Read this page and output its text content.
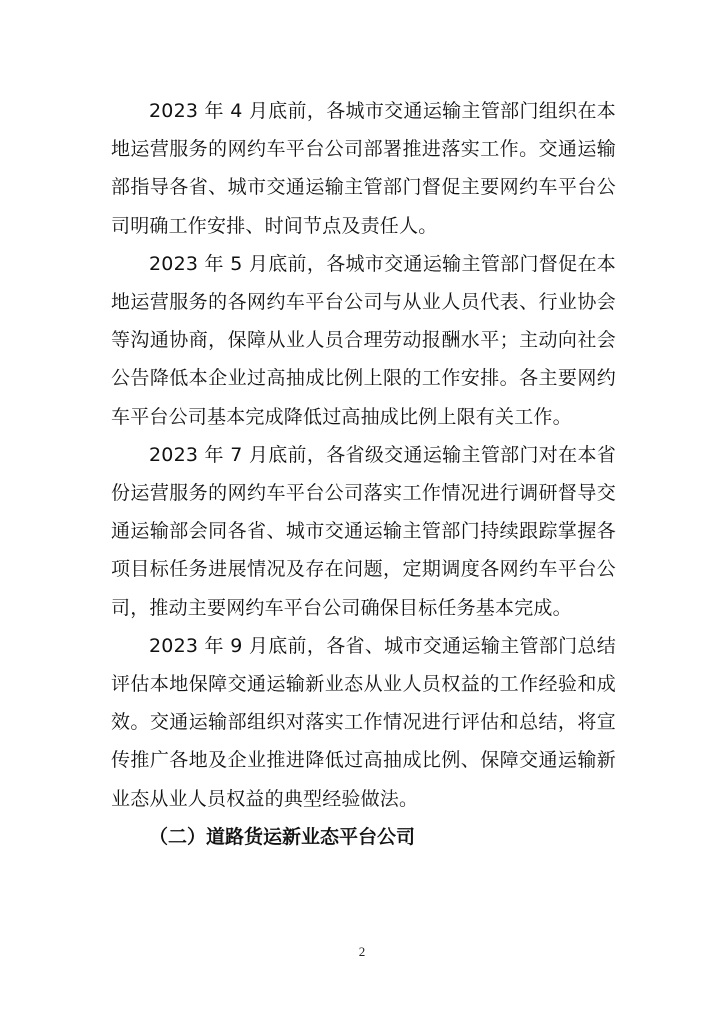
2023 年 4 月底前，各城市交通运输主管部门组织在本地运营服务的网约车平台公司部署推进落实工作。交通运输部指导各省、城市交通运输主管部门督促主要网约车平台公司明确工作安排、时间节点及责任人。

2023 年 5 月底前，各城市交通运输主管部门督促在本地运营服务的各网约车平台公司与从业人员代表、行业协会等沟通协商，保障从业人员合理劳动报酬水平；主动向社会公告降低本企业过高抽成比例上限的工作安排。各主要网约车平台公司基本完成降低过高抽成比例上限有关工作。

2023 年 7 月底前，各省级交通运输主管部门对在本省份运营服务的网约车平台公司落实工作情况进行调研督导交通运输部会同各省、城市交通运输主管部门持续跟踪掌握各项目标任务进展情况及存在问题，定期调度各网约车平台公司，推动主要网约车平台公司确保目标任务基本完成。

2023 年 9 月底前，各省、城市交通运输主管部门总结评估本地保障交通运输新业态从业人员权益的工作经验和成效。交通运输部组织对落实工作情况进行评估和总结，将宣传推广各地及企业推进降低过高抽成比例、保障交通运输新业态从业人员权益的典型经验做法。

（二）道路货运新业态平台公司

2
